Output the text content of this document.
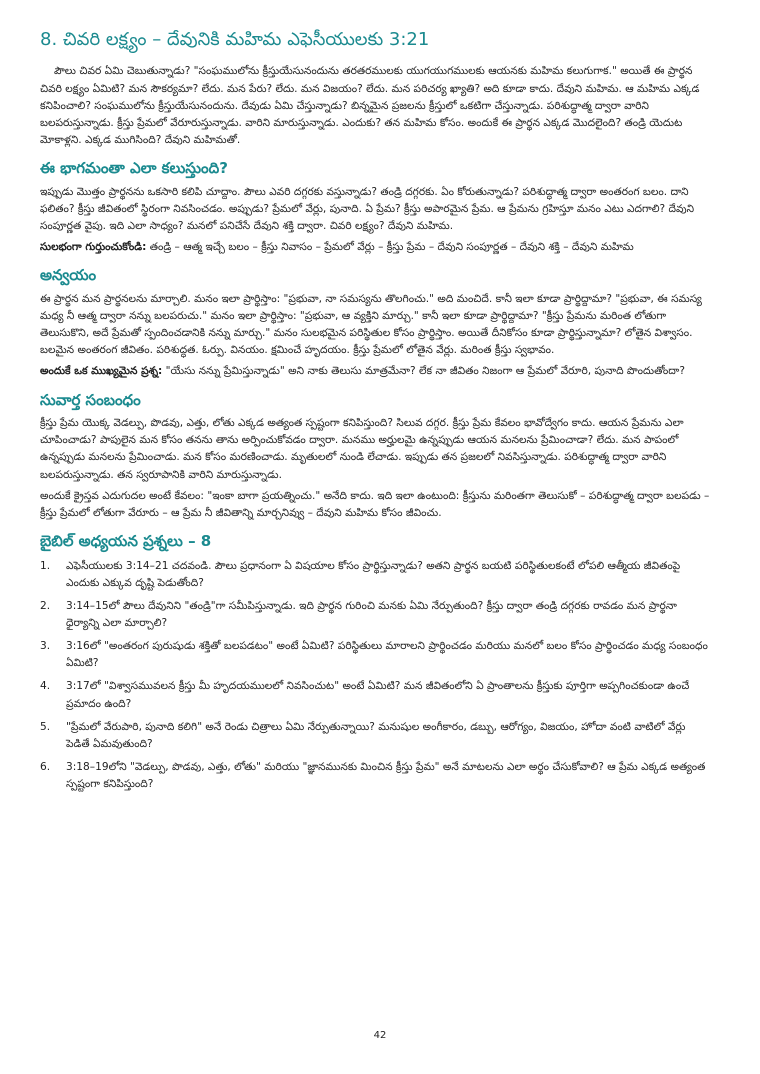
8. చివరి లక్ష్యం – దేవునికి మహిమ ఎఫెసీయులకు 3:21

పౌలు చివర ఏమి చెబుతున్నాడు? "సంఘములోను క్రీస్తుయేసునందును తరతరములకు యుగయుగములకు ఆయనకు మహిమ కలుగుగాక." అయితే ఈ ప్రార్థన చివరి లక్ష్యం ఏమిటి? మన సౌకర్యమా? లేదు. మన పేరు? లేదు. మన విజయం? లేదు. మన పరిచర్య ఖ్యాతి? అది కూడా కాదు. దేవుని మహిమ. ఆ మహిమ ఎక్కడ కనిపించాలి? సంఘములోను క్రీస్తుయేసునందును. దేవుడు ఏమి చేస్తున్నాడు? బిన్నమైన ప్రజలను క్రీస్తులో ఒకటిగా చేస్తున్నాడు. పరిశుద్ధాత్మ ద్వారా వారిని బలపరుస్తున్నాడు. క్రీస్తు ప్రేమలో వేరూరుస్తున్నాడు. వారిని మారుస్తున్నాడు. ఎందుకు? తన మహిమ కోసం. అందుకే ఈ ప్రార్థన ఎక్కడ మొదలైంది? తండ్రి యెదుట మోకాళ్లని. ఎక్కడ ముగిసింది? దేవుని మహిమతో.

ఈ భాగమంతా ఎలా కలుస్తుంది?

ఇప్పుడు మొత్తం ప్రార్థనను ఒకసారి కలిపి చూద్దాం. పౌలు ఎవరి దగ్గరకు వస్తున్నాడు? తండ్రి దగ్గరకు. ఏం కోరుతున్నాడు? పరిశుద్ధాత్మ ద్వారా అంతరంగ బలం. దాని ఫలితం? క్రీస్తు జీవితంలో స్థిరంగా నివసించడం. అప్పుడు? ప్రేమలో వేర్లు, పునాది. ఏ ప్రేమ? క్రీస్తు అపారమైన ప్రేమ. ఆ ప్రేమను గ్రహిస్తూ మనం ఎటు ఎదగాలి? దేవుని సంపూర్ణత వైపు. ఇది ఎలా సాధ్యం? మనలో పనిచేసే దేవుని శక్తి ద్వారా. చివరి లక్ష్యం? దేవుని మహిమ.

సులభంగా గుర్తుంచుకోండి: తండ్రి – ఆత్మ ఇచ్చే బలం – క్రీస్తు నివాసం – ప్రేమలో వేర్లు – క్రీస్తు ప్రేమ – దేవుని సంపూర్ణత – దేవుని శక్తి – దేవుని మహిమ

అన్వయం

ఈ ప్రార్థన మన ప్రార్థనలను మార్చాలి. మనం ఇలా ప్రార్థిస్తాం: "ప్రభువా, నా సమస్యను తొలగించు." అది మంచిదే. కానీ ఇలా కూడా ప్రార్థిద్దామా? "ప్రభువా, ఈ సమస్య మధ్య నీ ఆత్మ ద్వారా నన్ను బలపరుచు." మనం ఇలా ప్రార్థిస్తాం: "ప్రభువా, ఆ వ్యక్తిని మార్చు." కానీ ఇలా కూడా ప్రార్థిద్దామా? "క్రీస్తు ప్రేమను మరింత లోతుగా తెలుసుకొని, అదే ప్రేమతో స్పందించడానికి నన్ను మార్చు." మనం సులభమైన పరిస్థితుల కోసం ప్రార్థిస్తాం. అయితే దీనికోసం కూడా ప్రార్థిస్తున్నామా? లోతైన విశ్వాసం. బలమైన అంతరంగ జీవితం. పరిశుద్ధత. ఓర్పు. వినయం. క్షమించే హృదయం. క్రీస్తు ప్రేమలో లోతైన వేర్లు. మరింత క్రీస్తు స్వభావం.

అందుకే ఒక ముఖ్యమైన ప్రశ్న: "యేసు నన్ను ప్రేమిస్తున్నాడు" అని నాకు తెలుసు మాత్రమేనా? లేక నా జీవితం నిజంగా ఆ ప్రేమలో వేరూరి, పునాది పొందుతోందా?

సువార్త సంబంధం

క్రీస్తు ప్రేమ యొక్క వెడల్పు, పొడవు, ఎత్తు, లోతు ఎక్కడ అత్యంత స్పష్టంగా కనిపిస్తుంది? సిలువ దగ్గర. క్రీస్తు ప్రేమ కేవలం భావోద్వేగం కాదు. ఆయన ప్రేమను ఎలా చూపించాడు? పాపులైన మన కోసం తనను తాను అర్పించుకోవడం ద్వారా. మనము అర్హులమై ఉన్నప్పుడు ఆయన మనలను ప్రేమించాడా? లేదు. మన పాపంలో ఉన్నప్పుడు మనలను ప్రేమించాడు. మన కోసం మరణించాడు. మృతులలో నుండి లేచాడు. ఇప్పుడు తన ప్రజలలో నివసిస్తున్నాడు. పరిశుద్ధాత్మ ద్వారా వారిని బలపరుస్తున్నాడు. తన స్వరూపానికి వారిని మారుస్తున్నాడు.

అందుకే క్రైస్తవ ఎదుగుదల అంటే కేవలం: "ఇంకా బాగా ప్రయత్నించు." అనేది కాదు. ఇది ఇలా ఉంటుంది: క్రీస్తును మరింతగా తెలుసుకో – పరిశుద్ధాత్మ ద్వారా బలపడు – క్రీస్తు ప్రేమలో లోతుగా వేరూరు – ఆ ప్రేమ నీ జీవితాన్ని మార్చనివ్వు – దేవుని మహిమ కోసం జీవించు.

బైబిల్ అధ్యయన ప్రశ్నలు – 8
1.	ఎఫెసీయులకు 3:14–21 చదవండి. పౌలు ప్రధానంగా ఏ విషయాల కోసం ప్రార్థిస్తున్నాడు? అతని ప్రార్థన బయటి పరిస్థితులకంటే లోపలి ఆత్మీయ జీవితంపై ఎందుకు ఎక్కువ దృష్టి పెడుతోంది?
2.	3:14–15లో పౌలు దేవునిని "తండ్రి"గా సమీపిస్తున్నాడు. ఇది ప్రార్థన గురించి మనకు ఏమి నేర్పుతుంది? క్రీస్తు ద్వారా తండ్రి దగ్గరకు రావడం మన ప్రార్థనా ధైర్యాన్ని ఎలా మార్చాలి?
3.	3:16లో "అంతరంగ పురుషుడు శక్తితో బలపడటం" అంటే ఏమిటి? పరిస్థితులు మారాలని ప్రార్థించడం మరియు మనలో బలం కోసం ప్రార్థించడం మధ్య సంబంధం ఏమిటి?
4.	3:17లో "విశ్వాసమువలన క్రీస్తు మీ హృదయములలో నివసించుట" అంటే ఏమిటి? మన జీవితంలోని ఏ ప్రాంతాలను క్రీస్తుకు పూర్తిగా అప్పగించకుండా ఉంచే ప్రమాదం ఉంది?
5.	"ప్రేమలో వేరుపారి, పునాది కలిగి" అనే రెండు చిత్రాలు ఏమి నేర్పుతున్నాయి? మనుషుల అంగీకారం, డబ్బు, ఆరోగ్యం, విజయం, హోదా వంటి వాటిలో వేర్లు పెడితే ఏమవుతుంది?
6.	3:18–19లోని "వెడల్పు, పొడవు, ఎత్తు, లోతు" మరియు "జ్ఞానమునకు మించిన క్రీస్తు ప్రేమ" అనే మాటలను ఎలా అర్థం చేసుకోవాలి? ఆ ప్రేమ ఎక్కడ అత్యంత స్పష్టంగా కనిపిస్తుంది?
42
